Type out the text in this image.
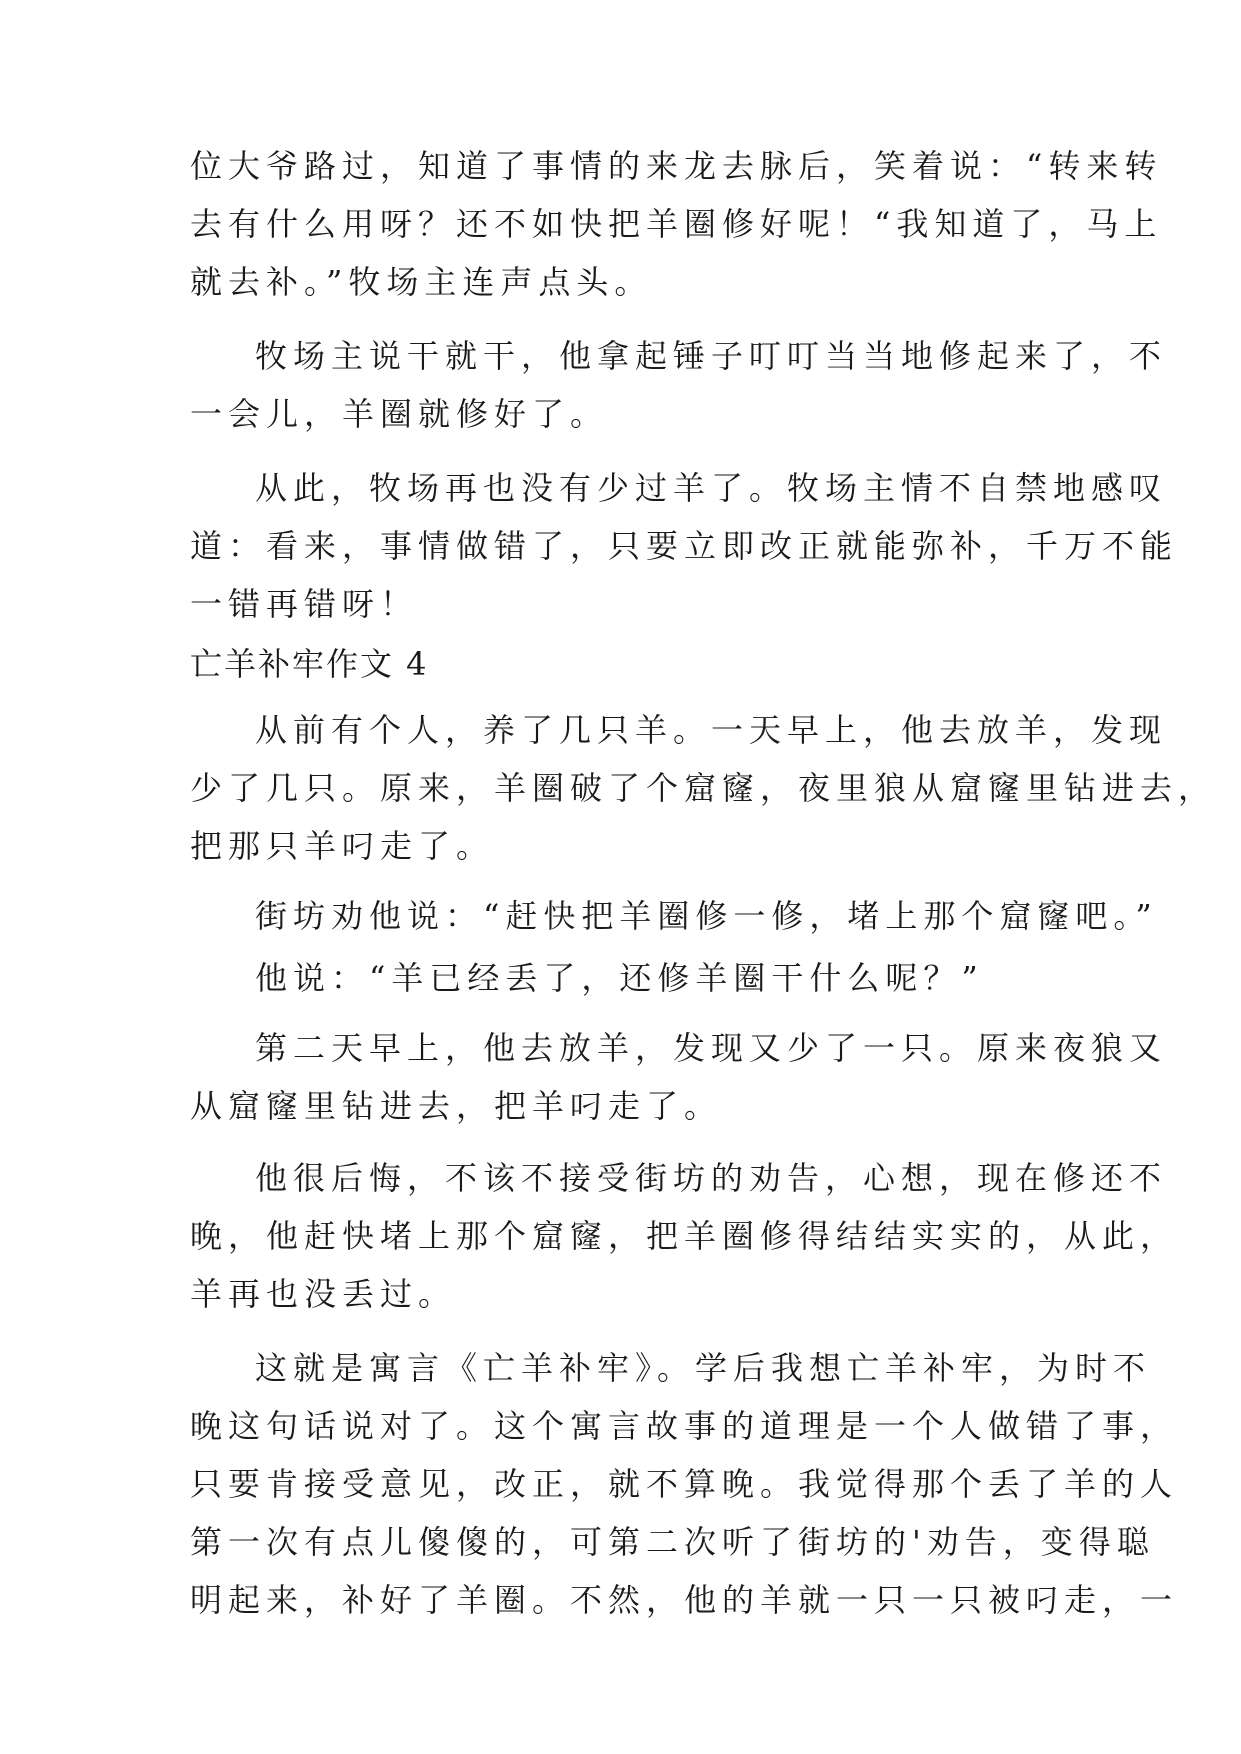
位大爷路过，知道了事情的来龙去脉后，笑着说：“转来转
去有什么用呀？还不如快把羊圈修好呢！“我知道了，马上
就去补。”牧场主连声点头。
牧场主说干就干，他拿起锤子叮叮当当地修起来了，不
一会儿，羊圈就修好了。
从此，牧场再也没有少过羊了。牧场主情不自禁地感叹
道：看来，事情做错了，只要立即改正就能弥补，千万不能
一错再错呀！
亡羊补牢作文 4
从前有个人，养了几只羊。一天早上，他去放羊，发现
少了几只。原来，羊圈破了个窟窿，夜里狼从窟窿里钻进去，
把那只羊叼走了。
街坊劝他说：“赶快把羊圈修一修，堵上那个窟窿吧。”
他说：“羊已经丢了，还修羊圈干什么呢？”
第二天早上，他去放羊，发现又少了一只。原来夜狼又
从窟窿里钻进去，把羊叼走了。
他很后悔，不该不接受街坊的劝告，心想，现在修还不
晚，他赶快堵上那个窟窿，把羊圈修得结结实实的，从此，
羊再也没丢过。
这就是寓言《亡羊补牢》。学后我想亡羊补牢，为时不
晚这句话说对了。这个寓言故事的道理是一个人做错了事，
只要肯接受意见，改正，就不算晚。我觉得那个丢了羊的人
第一次有点儿傻傻的，可第二次听了街坊的'劝告，变得聪
明起来，补好了羊圈。不然，他的羊就一只一只被叼走，一
